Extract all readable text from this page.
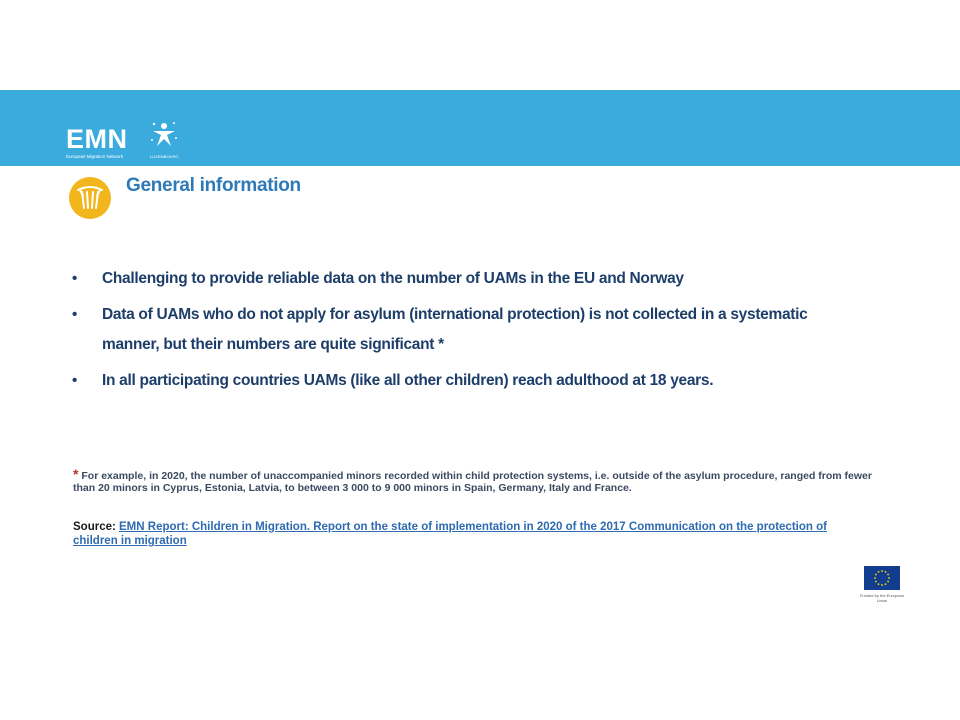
EMN
European Migration Network	LUXEMBOURG
General information
• Challenging to provide reliable data on the number of UAMs in the EU and Norway
• Data of UAMs who do not apply for asylum (international protection) is not collected in a systematic manner, but their numbers are quite significant *
• In all participating countries UAMs (like all other children) reach adulthood at 18 years.
* For example, in 2020, the number of unaccompanied minors recorded within child protection systems, i.e. outside of the asylum procedure, ranged from fewer than 20 minors in Cyprus, Estonia, Latvia, to between 3 000 to 9 000 minors in Spain, Germany, Italy and France.
Source: EMN Report: Children in Migration. Report on the state of implementation in 2020 of the 2017 Communication on the protection of children in migration
Funded by the European Union
